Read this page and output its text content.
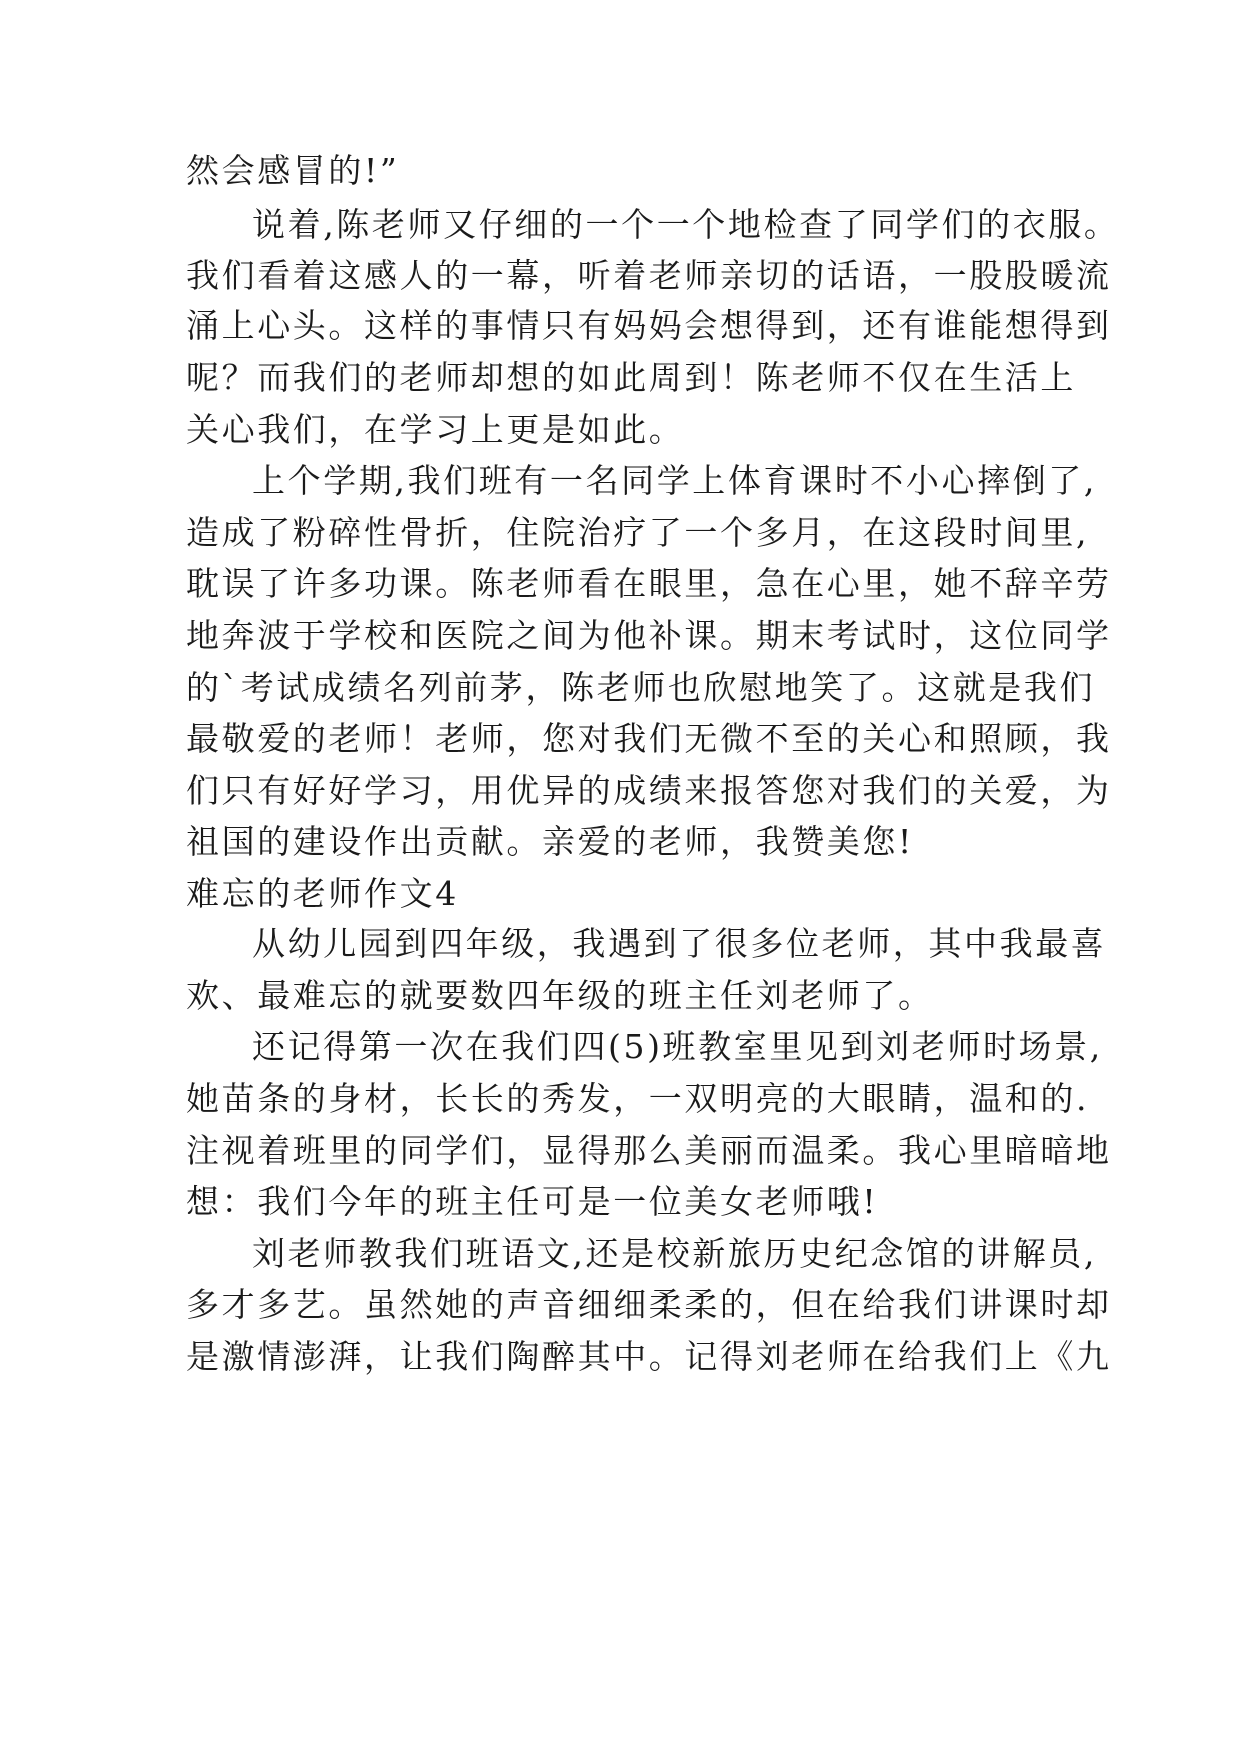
然会感冒的!”
说着,陈老师又仔细的一个一个地检查了同学们的衣服。
我们看着这感人的一幕，听着老师亲切的话语，一股股暖流
涌上心头。这样的事情只有妈妈会想得到，还有谁能想得到
呢？而我们的老师却想的如此周到！陈老师不仅在生活上
关心我们，在学习上更是如此。
上个学期,我们班有一名同学上体育课时不小心摔倒了,
造成了粉碎性骨折，住院治疗了一个多月，在这段时间里,
耽误了许多功课。陈老师看在眼里，急在心里，她不辞辛劳
地奔波于学校和医院之间为他补课。期末考试时，这位同学
的`考试成绩名列前茅，陈老师也欣慰地笑了。这就是我们
最敬爱的老师！老师，您对我们无微不至的关心和照顾，我
们只有好好学习，用优异的成绩来报答您对我们的关爱，为
祖国的建设作出贡献。亲爱的老师，我赞美您!
难忘的老师作文4
从幼儿园到四年级，我遇到了很多位老师，其中我最喜
欢、最难忘的就要数四年级的班主任刘老师了。
还记得第一次在我们四(5)班教室里见到刘老师时场景,
她苗条的身材，长长的秀发，一双明亮的大眼睛，温和的.
注视着班里的同学们，显得那么美丽而温柔。我心里暗暗地
想：我们今年的班主任可是一位美女老师哦!
刘老师教我们班语文,还是校新旅历史纪念馆的讲解员,
多才多艺。虽然她的声音细细柔柔的，但在给我们讲课时却
是激情澎湃，让我们陶醉其中。记得刘老师在给我们上《九
